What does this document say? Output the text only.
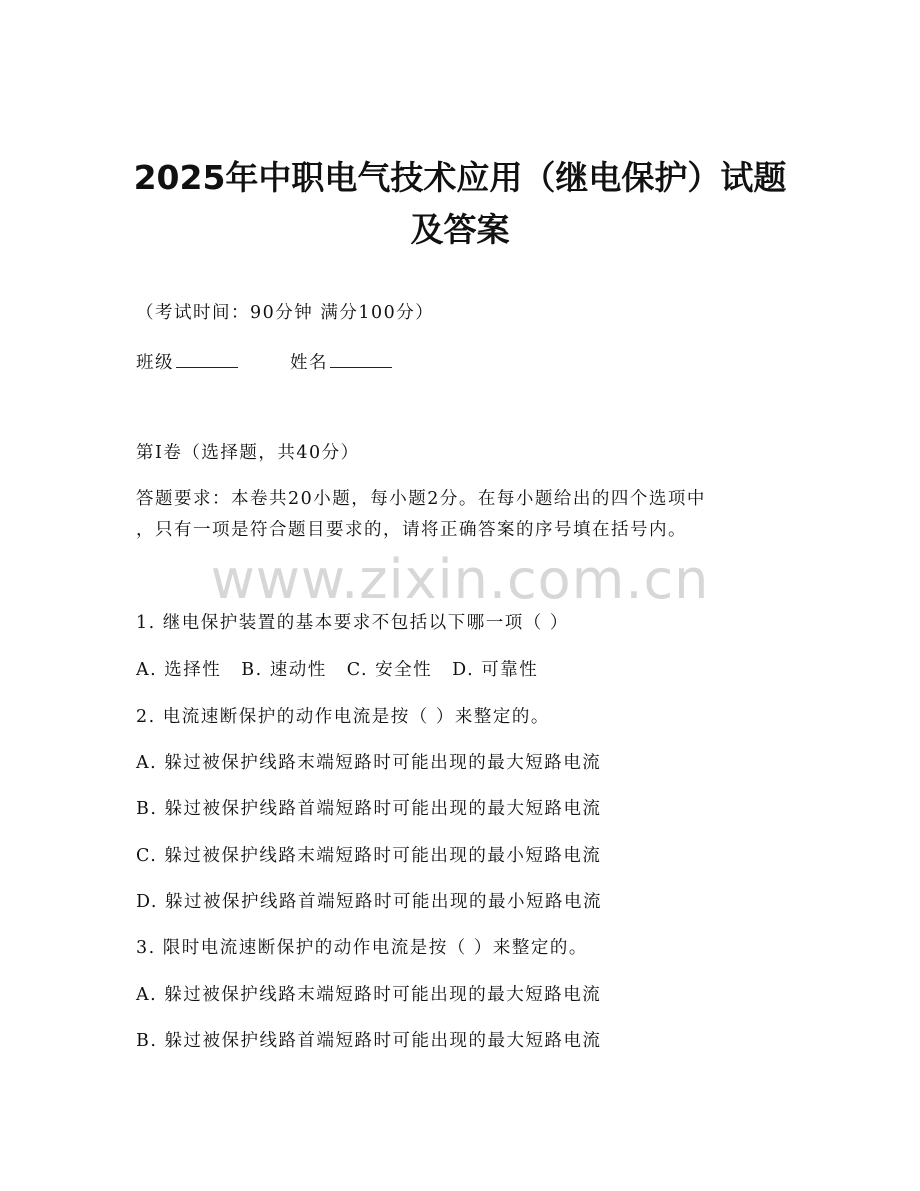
2025年中职电气技术应用（继电保护）试题
及答案
（考试时间：90分钟 满分100分）
班级	姓名
第I卷（选择题，共40分）
答题要求：本卷共20小题，每小题2分。在每小题给出的四个选项中
，只有一项是符合题目要求的，请将正确答案的序号填在括号内。
www.zixin.com.cn
1. 继电保护装置的基本要求不包括以下哪一项（ ）
A. 选择性 B. 速动性 C. 安全性 D. 可靠性
2. 电流速断保护的动作电流是按（ ）来整定的。
A. 躲过被保护线路末端短路时可能出现的最大短路电流
B. 躲过被保护线路首端短路时可能出现的最大短路电流
C. 躲过被保护线路末端短路时可能出现的最小短路电流
D. 躲过被保护线路首端短路时可能出现的最小短路电流
3. 限时电流速断保护的动作电流是按（ ）来整定的。
A. 躲过被保护线路末端短路时可能出现的最大短路电流
B. 躲过被保护线路首端短路时可能出现的最大短路电流
